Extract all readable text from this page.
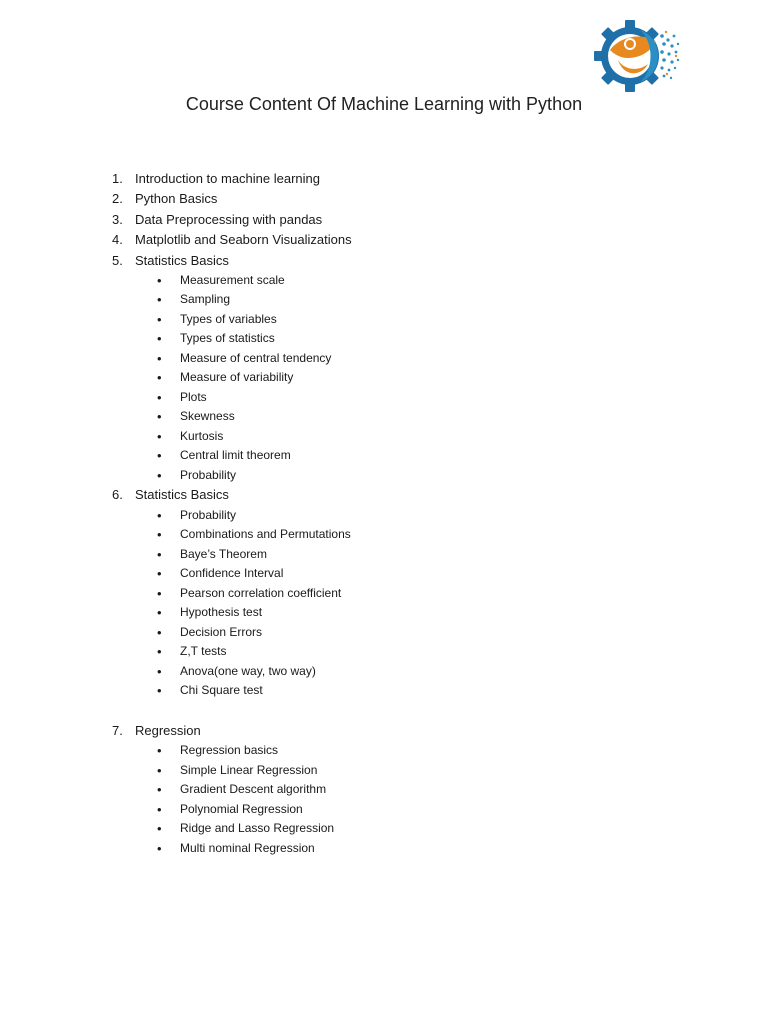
Course Content Of Machine Learning with Python
1. Introduction to machine learning
2. Python Basics
3. Data Preprocessing with pandas
4. Matplotlib and Seaborn Visualizations
5. Statistics Basics
• Measurement scale
• Sampling
• Types of variables
• Types of statistics
• Measure of central tendency
• Measure of variability
• Plots
• Skewness
• Kurtosis
• Central limit theorem
• Probability
6. Statistics Basics
• Probability
• Combinations and Permutations
• Baye’s Theorem
• Confidence Interval
• Pearson correlation coefficient
• Hypothesis test
• Decision Errors
• Z,T tests
• Anova(one way, two way)
• Chi Square test
7. Regression
• Regression basics
• Simple Linear Regression
• Gradient Descent algorithm
• Polynomial Regression
• Ridge and Lasso Regression
• Multi nominal Regression
